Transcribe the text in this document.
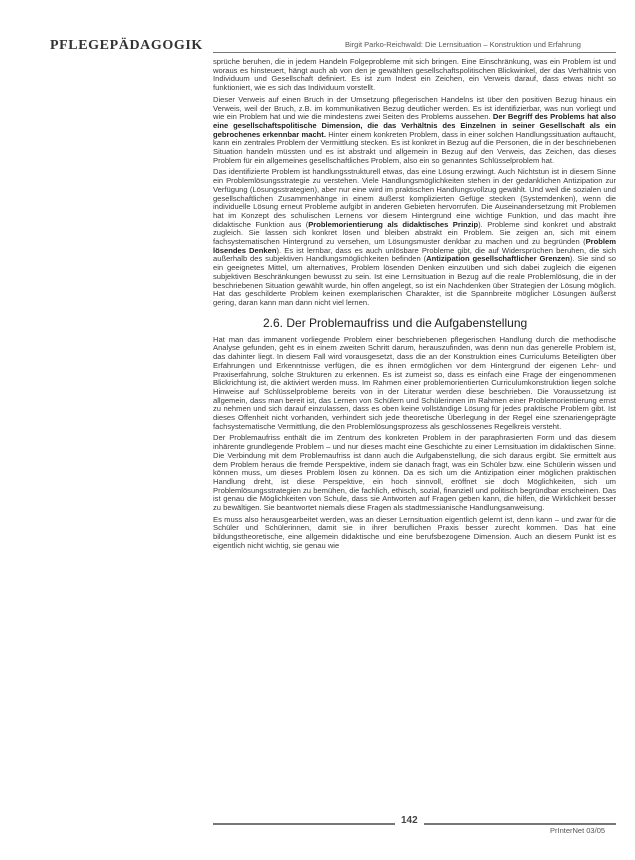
PFLEGEPÄDAGOGIK	Birgit Parko-Reichwald: Die Lernsituation – Konstruktion und Erfahrung

sprüche beruhen, die in jedem Handeln Folgeprobleme mit sich bringen. Eine Einschränkung, was ein Problem ist und woraus es hinsteuert, hängt auch ab von den je gewählten gesellschaftspolitischen Blickwinkel, der das Verhältnis von Individuum und Gesellschaft definiert. Es ist zum Indest ein Zeichen, ein Verweis darauf, dass etwas nicht so funktioniert, wie es sich das Individuum vorstellt.

Dieser Verweis auf einen Bruch in der Umsetzung pflegerischen Handelns ist über den positiven Bezug hinaus ein Verweis, weil der Bruch, z.B. im kommunikativen Bezug deutlicher werden. Es ist identifizierbar, was nun vorliegt und wie ein Problem hat und wie die mindestens zwei Seiten des Problems aussehen. Der Begriff des Problems hat also eine gesellschaftspolitische Dimension, die das Verhältnis des Einzelnen in seiner Gesellschaft als ein gebrochenes erkennbar macht. Hinter einem konkreten Problem, dass in einer solchen Handlungssituation auftaucht, kann ein zentrales Problem der Vermittlung stecken. Es ist konkret in Bezug auf die Personen, die in der beschriebenen Situation handeln müssten und es ist abstrakt und allgemein in Bezug auf den Verweis, das Zeichen, das dieses Problem für ein allgemeines gesellschaftliches Problem, also ein so genanntes Schlüsselproblem hat.

Das identifizierte Problem ist handlungsstrukturell etwas, das eine Lösung erzwingt. Auch Nichtstun ist in diesem Sinne ein Problemlösungsstrategie zu verstehen. Viele Handlungsmöglichkeiten stehen in der gedanklichen Antizipation zur Verfügung (Lösungsstrategien), aber nur eine wird im praktischen Handlungsvollzug gewählt. Und weil die sozialen und gesellschaftlichen Zusammenhänge in einem äußerst komplizierten Gefüge stecken (Systemdenken), wenn die individuelle Lösung erneut Probleme aufgibt in anderen Gebieten hervorrufen. Die Auseinandersetzung mit Problemen hat im Konzept des schulischen Lernens vor diesem Hintergrund eine wichtige Funktion, und das macht ihre didaktische Funktion aus (Problemorientierung als didaktisches Prinzip). Probleme sind konkret und abstrakt zugleich. Sie lassen sich konkret lösen und bleiben abstrakt ein Problem. Sie zeigen an, sich mit einem fachsystematischen Hintergrund zu versehen, um Lösungsmuster denkbar zu machen und zu begründen (Problem lösendes Denken). Es ist lernbar, dass es auch unlösbare Probleme gibt, die auf Widersprüchen beruhen, die sich außerhalb des subjektiven Handlungsmöglichkeiten befinden (Antizipation gesellschaftlicher Grenzen). Sie sind so ein geeignetes Mittel, um alternatives, Problem lösenden Denken einzuüben und sich dabei zugleich die eigenen subjektiven Beschränkungen bewusst zu sein. Ist eine Lernsituation in Bezug auf die reale Problemlösung, die in der beschriebenen Situation gewählt wurde, hin offen angelegt, so ist ein Nachdenken über Strategien der Lösung möglich. Hat das geschilderte Problem keinen exemplarischen Charakter, ist die Spannbreite möglicher Lösungen äußerst gering, daran kann man dann nicht viel lernen.

2.6. Der Problemaufriss und die Aufgabenstellung

Hat man das immanent vorliegende Problem einer beschriebenen pflegerischen Handlung durch die methodische Analyse gefunden, geht es in einem zweiten Schritt darum, herauszufinden, was denn nun das generelle Problem ist, das dahinter liegt. In diesem Fall wird vorausgesetzt, dass die an der Konstruktion eines Curriculums Beteiligten über Erfahrungen und Erkenntnisse verfügen, die es ihnen ermöglichen vor dem Hintergrund der eigenen Lehr- und Praxiserfahrung, solche Strukturen zu erkennen. Es ist zumeist so, dass es einfach eine Frage der eingenommenen Blickrichtung ist, die aktiviert werden muss. Im Rahmen einer problemorientierten Curriculumkonstruktion liegen solche Hinweise auf Schlüsselprobleme bereits von in der Literatur werden diese beschrieben. Die Voraussetzung ist allgemein, dass man bereit ist, das Lernen von Schülern und Schülerinnen im Rahmen einer Problemorientierung ernst zu nehmen und sich darauf einzulassen, dass es oben keine vollständige Lösung für jedes praktische Problem gibt. Ist dieses Offenheit nicht vorhanden, verhindert sich jede theoretische Überlegung in der Regel eine szenariengeprägte fachsystematische Vermittlung, die den Problemlösungsprozess als geschlossenes Regelkreis versteht.

Der Problemaufriss enthält die im Zentrum des konkreten Problem in der paraphrasierten Form und das diesem inhärente grundlegende Problem – und nur dieses macht eine Geschichte zu einer Lernsituation im didaktischen Sinne. Die Verbindung mit dem Problemaufriss ist dann auch die Aufgabenstellung, die sich daraus ergibt. Sie ermittelt aus dem Problem heraus die fremde Perspektive, indem sie danach fragt, was ein Schüler bzw. eine Schülerin wissen und können muss, um dieses Problem lösen zu können. Da es sich um die Antizipation einer möglichen praktischen Handlung dreht, ist diese Perspektive, ein hoch sinnvoll, eröffnet sie doch Möglichkeiten, sich um Problemlösungsstrategien zu bemühen, die fachlich, ethisch, sozial, finanziell und politisch begründbar erscheinen. Das ist genau die Möglichkeiten von Schule, dass sie Antworten auf Fragen geben kann, die hilfen, die Wirklichkeit besser zu bewältigen. Sie beantwortet niemals diese Fragen als stadtmessianische Handlungsanweisung.

Es muss also herausgearbeitet werden, was an dieser Lernsituation eigentlich gelernt ist, denn kann – und zwar für die Schüler und Schülerinnen, damit sie in ihrer beruflichen Praxis besser zurecht kommen. Das hat eine bildungstheoretische, eine allgemein didaktische und eine berufsbezogene Dimension. Auch an diesem Punkt ist es eigentlich nicht wichtig, sie genau wie

142
PrInterNet 03/05
